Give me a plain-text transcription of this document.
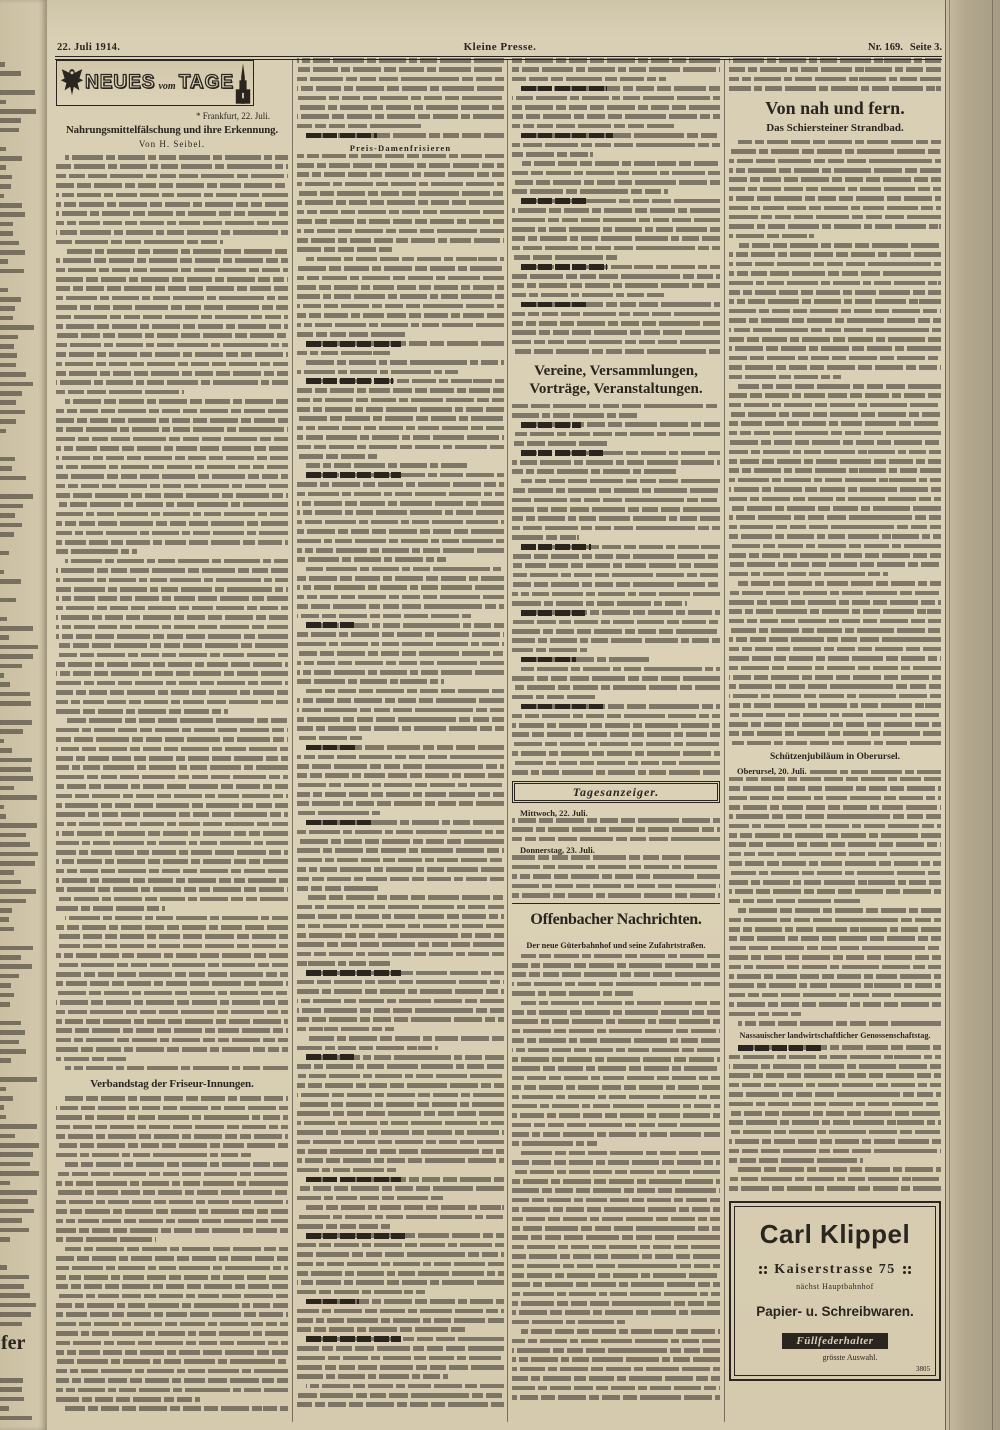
fer
22. Juli 1914.	Kleine Presse.	Nr. 169. Seite 3.
NEUES vom TAGE
* Frankfurt, 22. Juli.
Nahrungsmittelfälschung und ihre Erkennung.
Von H. Seibel.
Verbandstag der Friseur-Innungen.
Preis-Damenfrisieren
Vereine, Versammlungen, Vorträge, Veranstaltungen.
Tagesanzeiger.
Mittwoch, 22. Juli.
Donnerstag, 23. Juli.
Offenbacher Nachrichten.
Der neue Güterbahnhof und seine Zufahrtstraßen.
Von nah und fern.
Das Schiersteiner Strandbad.
Schützenjubiläum in Oberursel.
Oberursel, 20. Juli.
Nassauischer landwirtschaftlicher Genossenschaftstag.
Carl Klippel
Kaiserstrasse 75
nächst Hauptbahnhof
Papier- u. Schreibwaren.
Füllfederhalter
grösste Auswahl.
3805
